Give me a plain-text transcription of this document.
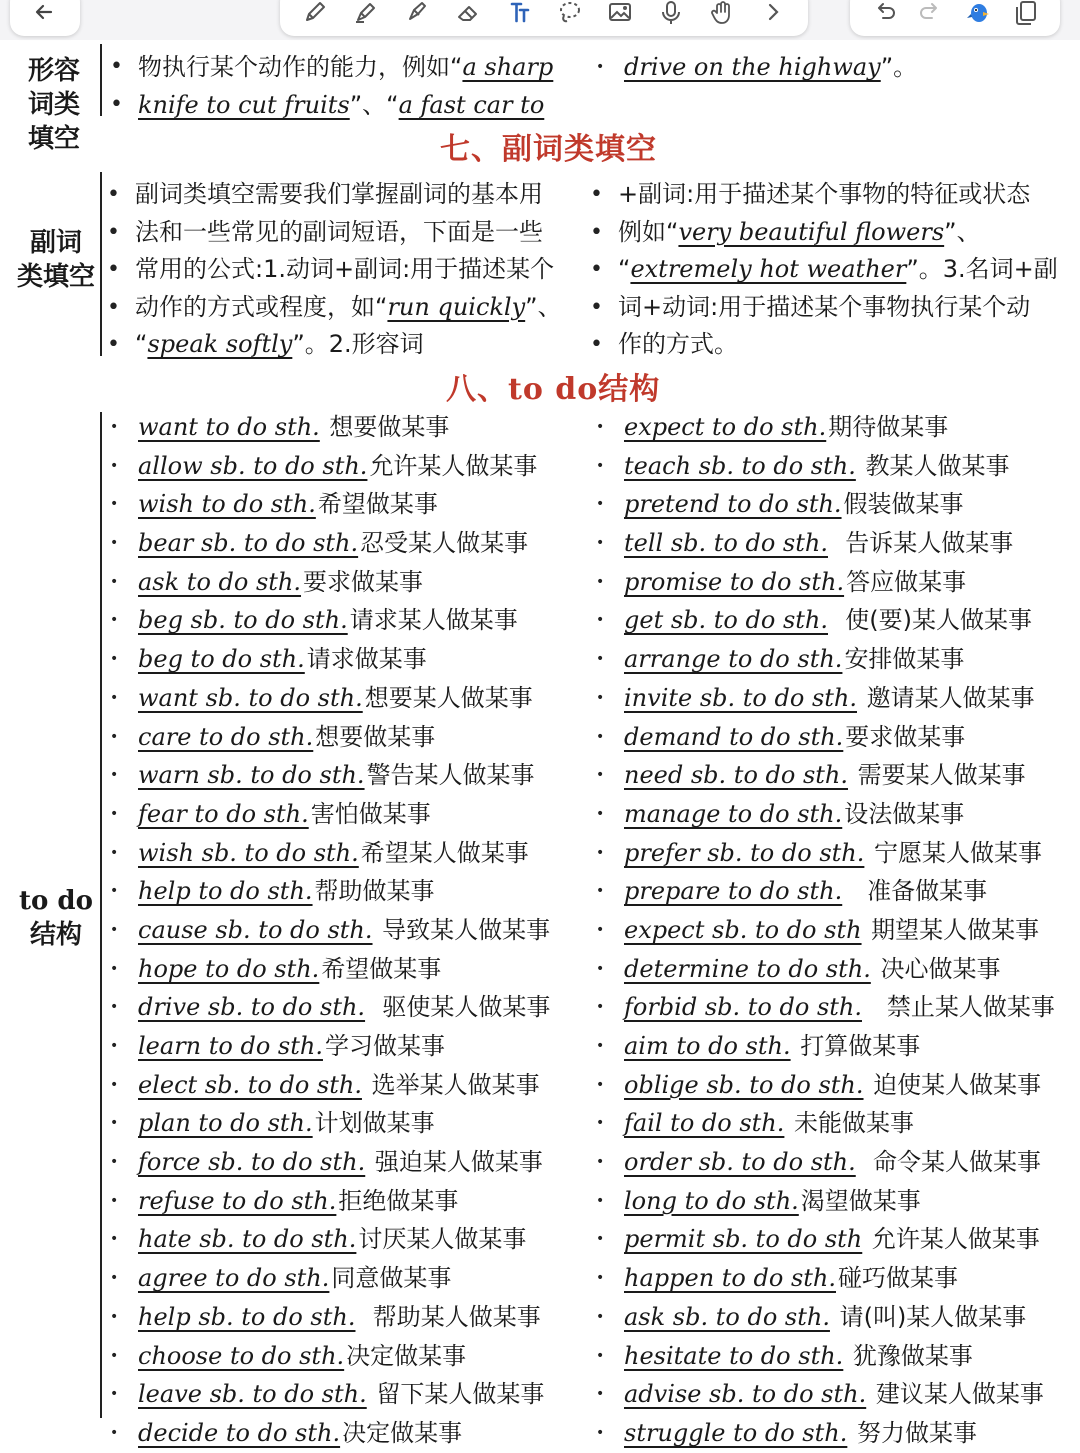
形容
词类
填空
• 物执行某个动作的能力，例如“a sharp
• knife to cut fruits”、“a fast car to
• drive on the highway”。
七、副词类填空
副词
类填空
• 副词类填空需要我们掌握副词的基本用
• 法和一些常见的副词短语，下面是一些
• 常用的公式:1.动词+副词:用于描述某个
• 动作的方式或程度，如“run quickly”、
• “speak softly”。2.形容词
• +副词:用于描述某个事物的特征或状态
• 例如“very beautiful flowers”、
• “extremely hot weather”。3.名词+副
• 词+动词:用于描述某个事物执行某个动
• 作的方式。
八、to do结构
to do
结构
• want to do sth. 想要做某事
• allow sb. to do sth.允许某人做某事
• wish to do sth.希望做某事
• bear sb. to do sth.忍受某人做某事
• ask to do sth.要求做某事
• beg sb. to do sth.请求某人做某事
• beg to do sth.请求做某事
• want sb. to do sth.想要某人做某事
• care to do sth.想要做某事
• warn sb. to do sth.警告某人做某事
• fear to do sth.害怕做某事
• wish sb. to do sth.希望某人做某事
• help to do sth.帮助做某事
• cause sb. to do sth. 导致某人做某事
• hope to do sth.希望做某事
• drive sb. to do sth.  驱使某人做某事
• learn to do sth.学习做某事
• elect sb. to do sth. 选举某人做某事
• plan to do sth.计划做某事
• force sb. to do sth. 强迫某人做某事
• refuse to do sth.拒绝做某事
• hate sb. to do sth.讨厌某人做某事
• agree to do sth.同意做某事
• help sb. to do sth.  帮助某人做某事
• choose to do sth.决定做某事
• leave sb. to do sth. 留下某人做某事
• decide to do sth.决定做某事
• expect to do sth.期待做某事
• teach sb. to do sth. 教某人做某事
• pretend to do sth.假装做某事
• tell sb. to do sth.  告诉某人做某事
• promise to do sth.答应做某事
• get sb. to do sth.  使(要)某人做某事
• arrange to do sth.安排做某事
• invite sb. to do sth. 邀请某人做某事
• demand to do sth.要求做某事
• need sb. to do sth. 需要某人做某事
• manage to do sth.设法做某事
• prefer sb. to do sth. 宁愿某人做某事
• prepare to do sth.   准备做某事
• expect sb. to do sth 期望某人做某事
• determine to do sth. 决心做某事
• forbid sb. to do sth.   禁止某人做某事
• aim to do sth. 打算做某事
• oblige sb. to do sth. 迫使某人做某事
• fail to do sth. 未能做某事
• order sb. to do sth.  命令某人做某事
• long to do sth.渴望做某事
• permit sb. to do sth 允许某人做某事
• happen to do sth.碰巧做某事
• ask sb. to do sth. 请(叫)某人做某事
• hesitate to do sth. 犹豫做某事
• advise sb. to do sth. 建议某人做某事
• struggle to do sth. 努力做某事
